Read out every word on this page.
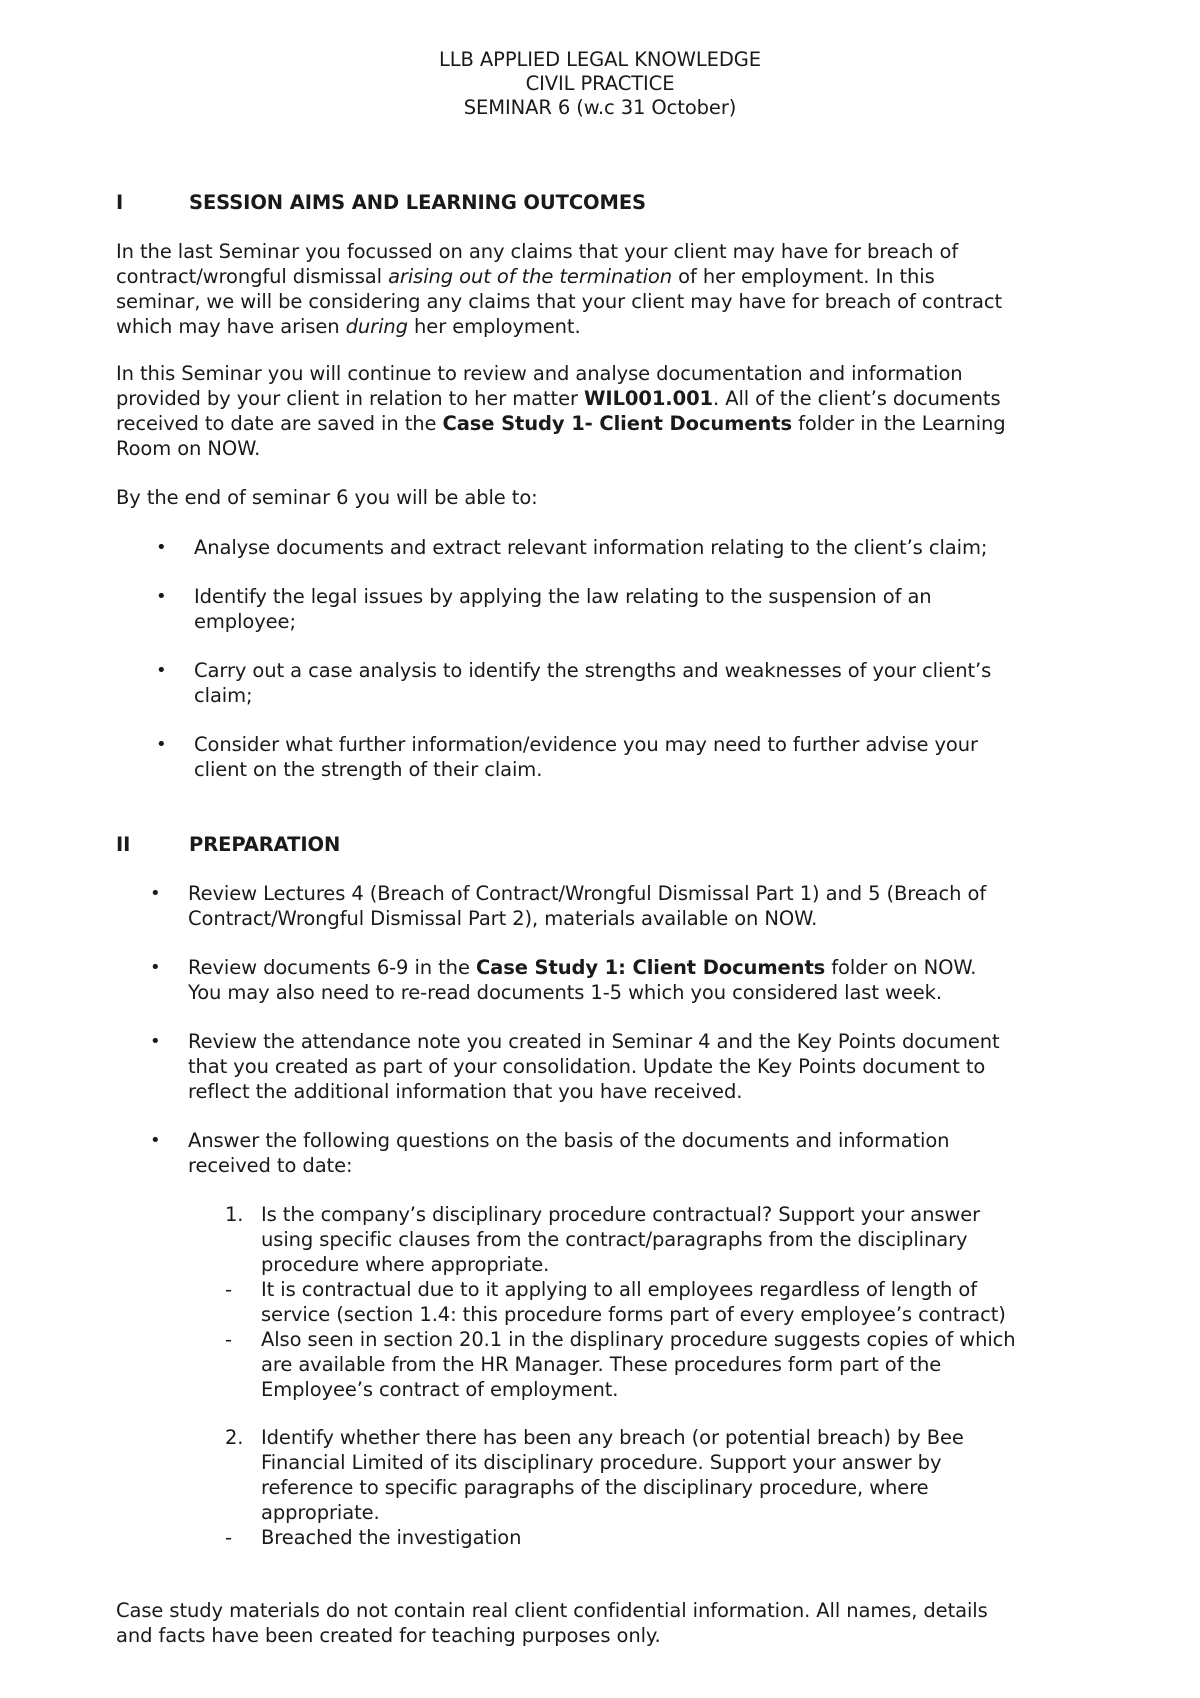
LLB APPLIED LEGAL KNOWLEDGE
CIVIL PRACTICE
SEMINAR 6 (w.c 31 October)
I	SESSION AIMS AND LEARNING OUTCOMES
In the last Seminar you focussed on any claims that your client may have for breach of
contract/wrongful dismissal arising out of the termination of her employment. In this
seminar, we will be considering any claims that your client may have for breach of contract
which may have arisen during her employment.
In this Seminar you will continue to review and analyse documentation and information
provided by your client in relation to her matter WIL001.001. All of the client’s documents
received to date are saved in the Case Study 1- Client Documents folder in the Learning
Room on NOW.
By the end of seminar 6 you will be able to:
• Analyse documents and extract relevant information relating to the client’s claim;
• Identify the legal issues by applying the law relating to the suspension of an
employee;
• Carry out a case analysis to identify the strengths and weaknesses of your client’s
claim;
• Consider what further information/evidence you may need to further advise your
client on the strength of their claim.
II	PREPARATION
• Review Lectures 4 (Breach of Contract/Wrongful Dismissal Part 1) and 5 (Breach of
Contract/Wrongful Dismissal Part 2), materials available on NOW.
• Review documents 6-9 in the Case Study 1: Client Documents folder on NOW.
You may also need to re-read documents 1-5 which you considered last week.
• Review the attendance note you created in Seminar 4 and the Key Points document
that you created as part of your consolidation. Update the Key Points document to
reflect the additional information that you have received.
• Answer the following questions on the basis of the documents and information
received to date:
1. Is the company’s disciplinary procedure contractual? Support your answer
using specific clauses from the contract/paragraphs from the disciplinary
procedure where appropriate.
- It is contractual due to it applying to all employees regardless of length of
service (section 1.4: this procedure forms part of every employee’s contract)
- Also seen in section 20.1 in the displinary procedure suggests copies of which
are available from the HR Manager. These procedures form part of the
Employee’s contract of employment.
2. Identify whether there has been any breach (or potential breach) by Bee
Financial Limited of its disciplinary procedure. Support your answer by
reference to specific paragraphs of the disciplinary procedure, where
appropriate.
- Breached the investigation
Case study materials do not contain real client confidential information. All names, details
and facts have been created for teaching purposes only.
